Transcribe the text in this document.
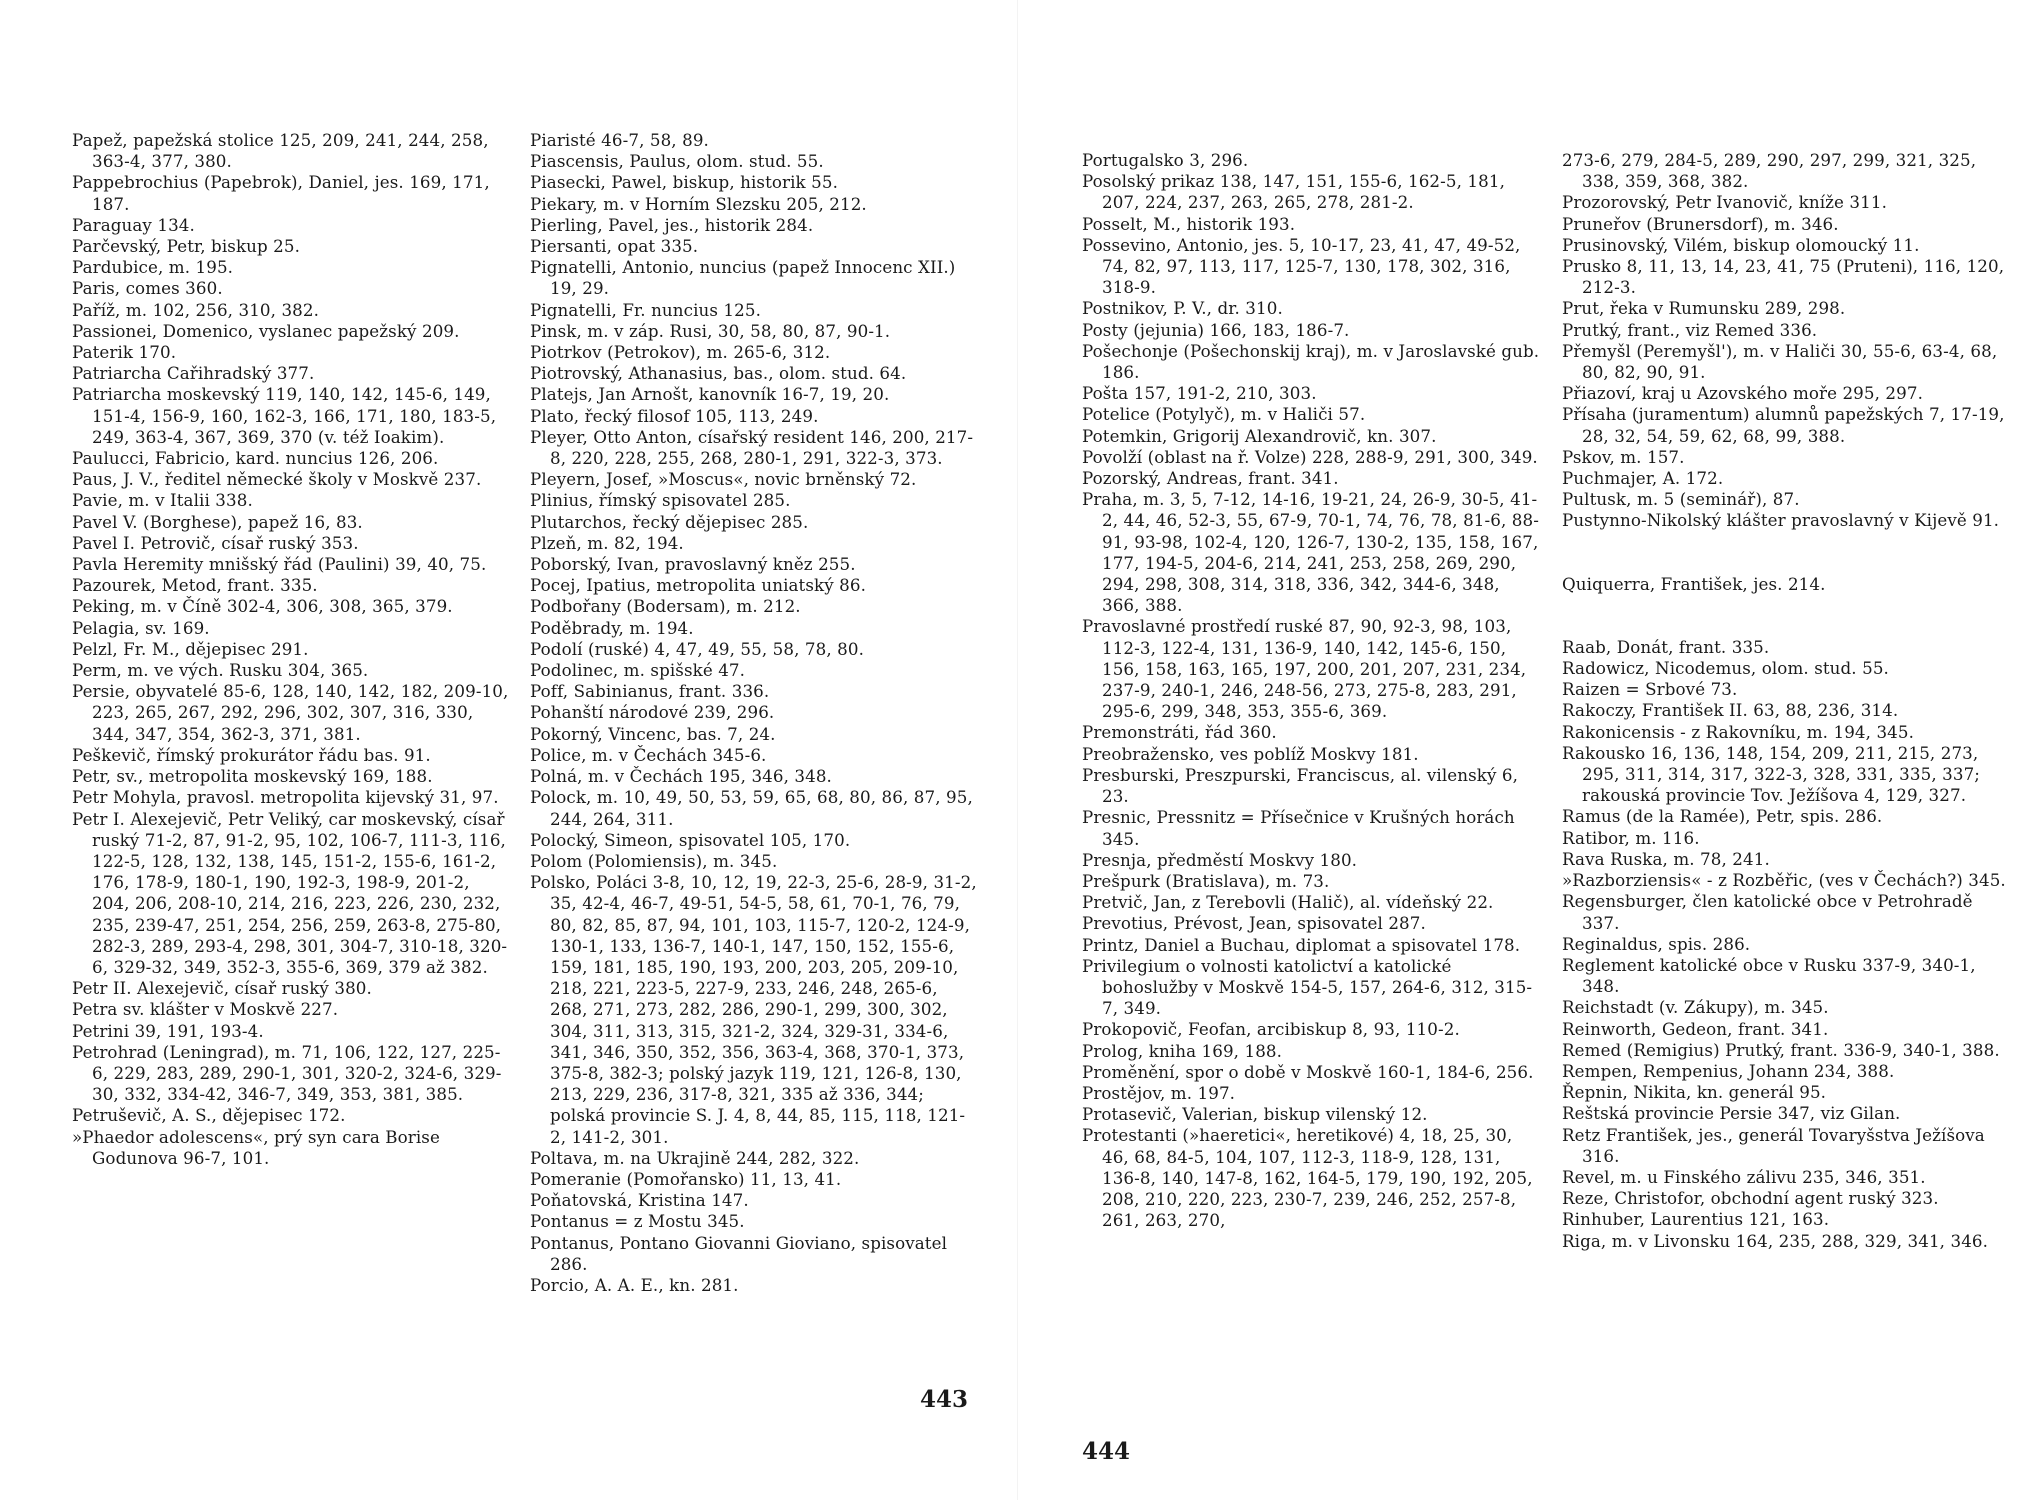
Papež, papežská stolice 125, 209, 241, 244, 258, 363-4, 377, 380.
Pappebrochius (Papebrok), Daniel, jes. 169, 171, 187.
Paraguay 134.
Parčevský, Petr, biskup 25.
Pardubice, m. 195.
Paris, comes 360.
Paříž, m. 102, 256, 310, 382.
Passionei, Domenico, vyslanec papežský 209.
Paterik 170.
Patriarcha Cařihradský 377.
Patriarcha moskevský 119, 140, 142, 145-6, 149, 151-4, 156-9, 160, 162-3, 166, 171, 180, 183-5, 249, 363-4, 367, 369, 370 (v. též Ioakim).
Paulucci, Fabricio, kard. nuncius 126, 206.
Paus, J. V., ředitel německé školy v Moskvě 237.
Pavie, m. v Italii 338.
Pavel V. (Borghese), papež 16, 83.
Pavel I. Petrovič, císař ruský 353.
Pavla Heremity mnišský řád (Paulini) 39, 40, 75.
Pazourek, Metod, frant. 335.
Peking, m. v Číně 302-4, 306, 308, 365, 379.
Pelagia, sv. 169.
Pelzl, Fr. M., dějepisec 291.
Perm, m. ve vých. Rusku 304, 365.
Persie, obyvatelé 85-6, 128, 140, 142, 182, 209-10, 223, 265, 267, 292, 296, 302, 307, 316, 330, 344, 347, 354, 362-3, 371, 381.
Peškevič, římský prokurátor řádu bas. 91.
Petr, sv., metropolita moskevský 169, 188.
Petr Mohyla, pravosl. metropolita kijevský 31, 97.
Petr I. Alexejevič, Petr Veliký, car moskevský, císař ruský 71-2, 87, 91-2, 95, 102, 106-7, 111-3, 116, 122-5, 128, 132, 138, 145, 151-2, 155-6, 161-2, 176, 178-9, 180-1, 190, 192-3, 198-9, 201-2, 204, 206, 208-10, 214, 216, 223, 226, 230, 232, 235, 239-47, 251, 254, 256, 259, 263-8, 275-80, 282-3, 289, 293-4, 298, 301, 304-7, 310-18, 320-6, 329-32, 349, 352-3, 355-6, 369, 379 až 382.
Petr II. Alexejevič, císař ruský 380.
Petra sv. klášter v Moskvě 227.
Petrini 39, 191, 193-4.
Petrohrad (Leningrad), m. 71, 106, 122, 127, 225-6, 229, 283, 289, 290-1, 301, 320-2, 324-6, 329-30, 332, 334-42, 346-7, 349, 353, 381, 385.
Petruševič, A. S., dějepisec 172.
»Phaedor adolescens«, prý syn cara Borise Godunova 96-7, 101.
Piaristé 46-7, 58, 89.
Piascensis, Paulus, olom. stud. 55.
Piasecki, Pawel, biskup, historik 55.
Piekary, m. v Horním Slezsku 205, 212.
Pierling, Pavel, jes., historik 284.
Piersanti, opat 335.
Pignatelli, Antonio, nuncius (papež Innocenc XII.) 19, 29.
Pignatelli, Fr. nuncius 125.
Pinsk, m. v záp. Rusi, 30, 58, 80, 87, 90-1.
Piotrkov (Petrokov), m. 265-6, 312.
Piotrovský, Athanasius, bas., olom. stud. 64.
Platejs, Jan Arnošt, kanovník 16-7, 19, 20.
Plato, řecký filosof 105, 113, 249.
Pleyer, Otto Anton, císařský resident 146, 200, 217-8, 220, 228, 255, 268, 280-1, 291, 322-3, 373.
Pleyern, Josef, »Moscus«, novic brněnský 72.
Plinius, římský spisovatel 285.
Plutarchos, řecký dějepisec 285.
Plzeň, m. 82, 194.
Poborský, Ivan, pravoslavný kněz 255.
Pocej, Ipatius, metropolita uniatský 86.
Podbořany (Bodersam), m. 212.
Poděbrady, m. 194.
Podolí (ruské) 4, 47, 49, 55, 58, 78, 80.
Podolinec, m. spišské 47.
Poff, Sabinianus, frant. 336.
Pohanští národové 239, 296.
Pokorný, Vincenc, bas. 7, 24.
Police, m. v Čechách 345-6.
Polná, m. v Čechách 195, 346, 348.
Polock, m. 10, 49, 50, 53, 59, 65, 68, 80, 86, 87, 95, 244, 264, 311.
Polocký, Simeon, spisovatel 105, 170.
Polom (Polomiensis), m. 345.
Polsko, Poláci 3-8, 10, 12, 19, 22-3, 25-6, 28-9, 31-2, 35, 42-4, 46-7, 49-51, 54-5, 58, 61, 70-1, 76, 79, 80, 82, 85, 87, 94, 101, 103, 115-7, 120-2, 124-9, 130-1, 133, 136-7, 140-1, 147, 150, 152, 155-6, 159, 181, 185, 190, 193, 200, 203, 205, 209-10, 218, 221, 223-5, 227-9, 233, 246, 248, 265-6, 268, 271, 273, 282, 286, 290-1, 299, 300, 302, 304, 311, 313, 315, 321-2, 324, 329-31, 334-6, 341, 346, 350, 352, 356, 363-4, 368, 370-1, 373, 375-8, 382-3; polský jazyk 119, 121, 126-8, 130, 213, 229, 236, 317-8, 321, 335 až 336, 344; polská provincie S. J. 4, 8, 44, 85, 115, 118, 121-2, 141-2, 301.
Poltava, m. na Ukrajině 244, 282, 322.
Pomeranie (Pomořansko) 11, 13, 41.
Poňatovská, Kristina 147.
Pontanus = z Mostu 345.
Pontanus, Pontano Giovanni Gioviano, spisovatel 286.
Porcio, A. A. E., kn. 281.
443
Portugalsko 3, 296.
Posolský prikaz 138, 147, 151, 155-6, 162-5, 181, 207, 224, 237, 263, 265, 278, 281-2.
Posselt, M., historik 193.
Possevino, Antonio, jes. 5, 10-17, 23, 41, 47, 49-52, 74, 82, 97, 113, 117, 125-7, 130, 178, 302, 316, 318-9.
Postnikov, P. V., dr. 310.
Posty (jejunia) 166, 183, 186-7.
Pošechonje (Pošechonskij kraj), m. v Jaroslavské gub. 186.
Pošta 157, 191-2, 210, 303.
Potelice (Potylyč), m. v Haliči 57.
Potemkin, Grigorij Alexandrovič, kn. 307.
Povolží (oblast na ř. Volze) 228, 288-9, 291, 300, 349.
Pozorský, Andreas, frant. 341.
Praha, m. 3, 5, 7-12, 14-16, 19-21, 24, 26-9, 30-5, 41-2, 44, 46, 52-3, 55, 67-9, 70-1, 74, 76, 78, 81-6, 88-91, 93-98, 102-4, 120, 126-7, 130-2, 135, 158, 167, 177, 194-5, 204-6, 214, 241, 253, 258, 269, 290, 294, 298, 308, 314, 318, 336, 342, 344-6, 348, 366, 388.
Pravoslavné prostředí ruské 87, 90, 92-3, 98, 103, 112-3, 122-4, 131, 136-9, 140, 142, 145-6, 150, 156, 158, 163, 165, 197, 200, 201, 207, 231, 234, 237-9, 240-1, 246, 248-56, 273, 275-8, 283, 291, 295-6, 299, 348, 353, 355-6, 369.
Premonstráti, řád 360.
Preobraženskо, ves poblíž Moskvy 181.
Presburski, Preszpurski, Franciscus, al. vilenský 6, 23.
Presnic, Pressnitz = Přísečnice v Krušných horách 345.
Presnja, předměstí Moskvy 180.
Prešpurk (Bratislava), m. 73.
Pretvič, Jan, z Terebovli (Halič), al. vídeňský 22.
Prevotius, Prévost, Jean, spisovatel 287.
Printz, Daniel a Buchau, diplomat a spisovatel 178.
Privilegium o volnosti katolictví a katolické bohoslužby v Moskvě 154-5, 157, 264-6, 312, 315-7, 349.
Prokopovič, Feofan, arcibiskup 8, 93, 110-2.
Prolog, kniha 169, 188.
Proměnění, spor o době v Moskvě 160-1, 184-6, 256.
Prostějov, m. 197.
Protasevič, Valerian, biskup vilenský 12.
Protestanti (»haeretici«, heretikové) 4, 18, 25, 30, 46, 68, 84-5, 104, 107, 112-3, 118-9, 128, 131, 136-8, 140, 147-8, 162, 164-5, 179, 190, 192, 205, 208, 210, 220, 223, 230-7, 239, 246, 252, 257-8, 261, 263, 270,
273-6, 279, 284-5, 289, 290, 297, 299, 321, 325, 338, 359, 368, 382.
Prozorovský, Petr Ivanovič, kníže 311.
Pruneřov (Brunersdorf), m. 346.
Prusinovský, Vilém, biskup olomoucký 11.
Prusko 8, 11, 13, 14, 23, 41, 75 (Pruteni), 116, 120, 212-3.
Prut, řeka v Rumunsku 289, 298.
Prutký, frant., viz Remed 336.
Přemyšl (Peremyšl'), m. v Haliči 30, 55-6, 63-4, 68, 80, 82, 90, 91.
Přiazoví, kraj u Azovského moře 295, 297.
Přísaha (juramentum) alumnů papežských 7, 17-19, 28, 32, 54, 59, 62, 68, 99, 388.
Pskov, m. 157.
Puchmajer, A. 172.
Pultusk, m. 5 (seminář), 87.
Pustynno-Nikolský klášter pravoslavný v Kijevě 91.
Quiquerra, František, jes. 214.
Raab, Donát, frant. 335.
Radowicz, Nicodemus, olom. stud. 55.
Raizen = Srbové 73.
Rakoczy, František II. 63, 88, 236, 314.
Rakonicensis - z Rakovníku, m. 194, 345.
Rakousko 16, 136, 148, 154, 209, 211, 215, 273, 295, 311, 314, 317, 322-3, 328, 331, 335, 337; rakouská provincie Tov. Ježíšova 4, 129, 327.
Ramus (de la Ramée), Petr, spis. 286.
Ratibor, m. 116.
Rava Ruska, m. 78, 241.
»Razborziensis« - z Rozběřic, (ves v Čechách?) 345.
Regensburger, člen katolické obce v Petrohradě 337.
Reginaldus, spis. 286.
Reglement katolické obce v Rusku 337-9, 340-1, 348.
Reichstadt (v. Zákupy), m. 345.
Reinworth, Gedeon, frant. 341.
Remed (Remigius) Prutký, frant. 336-9, 340-1, 388.
Rempen, Rempenius, Johann 234, 388.
Řepnin, Nikita, kn. generál 95.
Reštská provincie Persie 347, viz Gilan.
Retz František, jes., generál Tovaryšstva Ježíšova 316.
Revel, m. u Finského zálivu 235, 346, 351.
Reze, Christofor, obchodní agent ruský 323.
Rinhuber, Laurentius 121, 163.
Riga, m. v Livonsku 164, 235, 288, 329, 341, 346.
444
